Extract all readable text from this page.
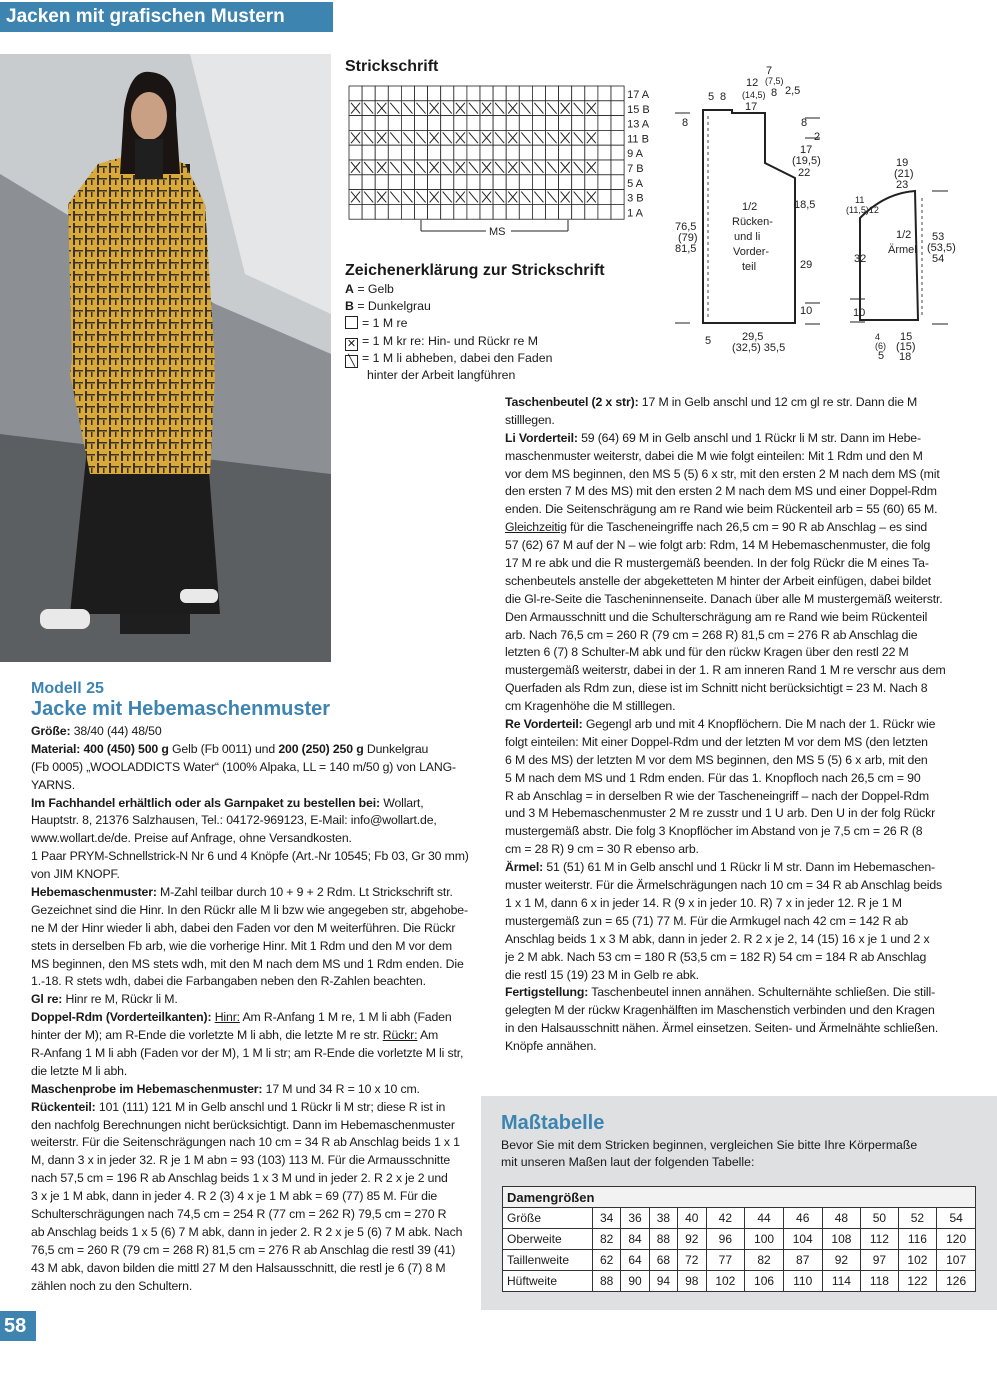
Jacken mit grafischen Mustern
Strickschrift
17 A
15 B
13 A
11 B
9 A
7 B
5 A
3 B
1 A
MS
Zeichenerklärung zur Strickschrift
A = Gelb
B = Dunkelgrau
= 1 M re
✕ = 1 M kr re: Hin- und Rückr re M
╲ = 1 M li abheben, dabei den Faden
hinter der Arbeit langführen
7
12 (7,5)
(14,5) 8 2,5
5 8
8
17
8
2
17
(19,5)
22
18,5
76,5
(79)
81,5
29
10
5	29,5
(32,5) 35,5
19
(21)
23
11
(11,5)12
53
(53,5)
54
32
10
4
(6)
5
15
(15)
18
1/2
Rücken-
und li
Vorder-
teil
1/2
Ärmel
Modell 25
Jacke mit Hebemaschenmuster
Größe: 38/40 (44) 48/50
Material: 400 (450) 500 g Gelb (Fb 0011) und 200 (250) 250 g Dunkelgrau
(Fb 0005) „WOOLADDICTS Water“ (100% Alpaka, LL = 140 m/50 g) von LANG-
YARNS.
Im Fachhandel erhältlich oder als Garnpaket zu bestellen bei: Wollart,
Hauptstr. 8, 21376 Salzhausen, Tel.: 04172-969123, E-Mail: info@wollart.de,
www.wollart.de/de. Preise auf Anfrage, ohne Versandkosten.
1 Paar PRYM-Schnellstrick-N Nr 6 und 4 Knöpfe (Art.-Nr 10545; Fb 03, Gr 30 mm)
von JIM KNOPF.
Hebemaschenmuster: M-Zahl teilbar durch 10 + 9 + 2 Rdm. Lt Strickschrift str.
Gezeichnet sind die Hinr. In den Rückr alle M li bzw wie angegeben str, abgehobe-
ne M der Hinr wieder li abh, dabei den Faden vor den M weiterführen. Die Rückr
stets in derselben Fb arb, wie die vorherige Hinr. Mit 1 Rdm und den M vor dem
MS beginnen, den MS stets wdh, mit den M nach dem MS und 1 Rdm enden. Die
1.-18. R stets wdh, dabei die Farbangaben neben den R-Zahlen beachten.
Gl re: Hinr re M, Rückr li M.
Doppel-Rdm (Vorderteilkanten): Hinr: Am R-Anfang 1 M re, 1 M li abh (Faden
hinter der M); am R-Ende die vorletzte M li abh, die letzte M re str. Rückr: Am
R-Anfang 1 M li abh (Faden vor der M), 1 M li str; am R-Ende die vorletzte M li str,
die letzte M li abh.
Maschenprobe im Hebemaschenmuster: 17 M und 34 R = 10 x 10 cm.
Rückenteil: 101 (111) 121 M in Gelb anschl und 1 Rückr li M str; diese R ist in
den nachfolg Berechnungen nicht berücksichtigt. Dann im Hebemaschenmuster
weiterstr. Für die Seitenschrägungen nach 10 cm = 34 R ab Anschlag beids 1 x 1
M, dann 3 x in jeder 32. R je 1 M abn = 93 (103) 113 M. Für die Armausschnitte
nach 57,5 cm = 196 R ab Anschlag beids 1 x 3 M und in jeder 2. R 2 x je 2 und
3 x je 1 M abk, dann in jeder 4. R 2 (3) 4 x je 1 M abk = 69 (77) 85 M. Für die
Schulterschrägungen nach 74,5 cm = 254 R (77 cm = 262 R) 79,5 cm = 270 R
ab Anschlag beids 1 x 5 (6) 7 M abk, dann in jeder 2. R 2 x je 5 (6) 7 M abk. Nach
76,5 cm = 260 R (79 cm = 268 R) 81,5 cm = 276 R ab Anschlag die restl 39 (41)
43 M abk, davon bilden die mittl 27 M den Halsausschnitt, die restl je 6 (7) 8 M
zählen noch zu den Schultern.
Taschenbeutel (2 x str): 17 M in Gelb anschl und 12 cm gl re str. Dann die M
stilllegen.
Li Vorderteil: 59 (64) 69 M in Gelb anschl und 1 Rückr li M str. Dann im Hebe-
maschenmuster weiterstr, dabei die M wie folgt einteilen: Mit 1 Rdm und den M
vor dem MS beginnen, den MS 5 (5) 6 x str, mit den ersten 2 M nach dem MS (mit
den ersten 7 M des MS) mit den ersten 2 M nach dem MS und einer Doppel-Rdm
enden. Die Seitenschrägung am re Rand wie beim Rückenteil arb = 55 (60) 65 M.
Gleichzeitig für die Tascheneingriffe nach 26,5 cm = 90 R ab Anschlag – es sind
57 (62) 67 M auf der N – wie folgt arb: Rdm, 14 M Hebemaschenmuster, die folg
17 M re abk und die R mustergemäß beenden. In der folg Rückr die M eines Ta-
schenbeutels anstelle der abgeketteten M hinter der Arbeit einfügen, dabei bildet
die Gl-re-Seite die Tascheninnenseite. Danach über alle M mustergemäß weiterstr.
Den Armausschnitt und die Schulterschrägung am re Rand wie beim Rückenteil
arb. Nach 76,5 cm = 260 R (79 cm = 268 R) 81,5 cm = 276 R ab Anschlag die
letzten 6 (7) 8 Schulter-M abk und für den rückw Kragen über den restl 22 M
mustergemäß weiterstr, dabei in der 1. R am inneren Rand 1 M re verschr aus dem
Querfaden als Rdm zun, diese ist im Schnitt nicht berücksichtigt = 23 M. Nach 8
cm Kragenhöhe die M stilllegen.
Re Vorderteil: Gegengl arb und mit 4 Knopflöchern. Die M nach der 1. Rückr wie
folgt einteilen: Mit einer Doppel-Rdm und der letzten M vor dem MS (den letzten
6 M des MS) der letzten M vor dem MS beginnen, den MS 5 (5) 6 x arb, mit den
5 M nach dem MS und 1 Rdm enden. Für das 1. Knopfloch nach 26,5 cm = 90
R ab Anschlag = in derselben R wie der Tascheneingriff – nach der Doppel-Rdm
und 3 M Hebemaschenmuster 2 M re zusstr und 1 U arb. Den U in der folg Rückr
mustergemäß abstr. Die folg 3 Knopflöcher im Abstand von je 7,5 cm = 26 R (8
cm = 28 R) 9 cm = 30 R ebenso arb.
Ärmel: 51 (51) 61 M in Gelb anschl und 1 Rückr li M str. Dann im Hebemaschen-
muster weiterstr. Für die Ärmelschrägungen nach 10 cm = 34 R ab Anschlag beids
1 x 1 M, dann 6 x in jeder 14. R (9 x in jeder 10. R) 7 x in jeder 12. R je 1 M
mustergemäß zun = 65 (71) 77 M. Für die Armkugel nach 42 cm = 142 R ab
Anschlag beids 1 x 3 M abk, dann in jeder 2. R 2 x je 2, 14 (15) 16 x je 1 und 2 x
je 2 M abk. Nach 53 cm = 180 R (53,5 cm = 182 R) 54 cm = 184 R ab Anschlag
die restl 15 (19) 23 M in Gelb re abk.
Fertigstellung: Taschenbeutel innen annähen. Schulternähte schließen. Die still-
gelegten M der rückw Kragenhälften im Maschenstich verbinden und den Kragen
in den Halsausschnitt nähen. Ärmel einsetzen. Seiten- und Ärmelnähte schließen.
Knöpfe annähen.
Maßtabelle
Bevor Sie mit dem Stricken beginnen, vergleichen Sie bitte Ihre Körpermaße
mit unseren Maßen laut der folgenden Tabelle:
Damengrößen											
Größe	34	36	38	40	42	44	46	48	50	52	54
Oberweite	82	84	88	92	96	100	104	108	112	116	120
Taillenweite	62	64	68	72	77	82	87	92	97	102	107
Hüftweite	88	90	94	98	102	106	110	114	118	122	126
58
